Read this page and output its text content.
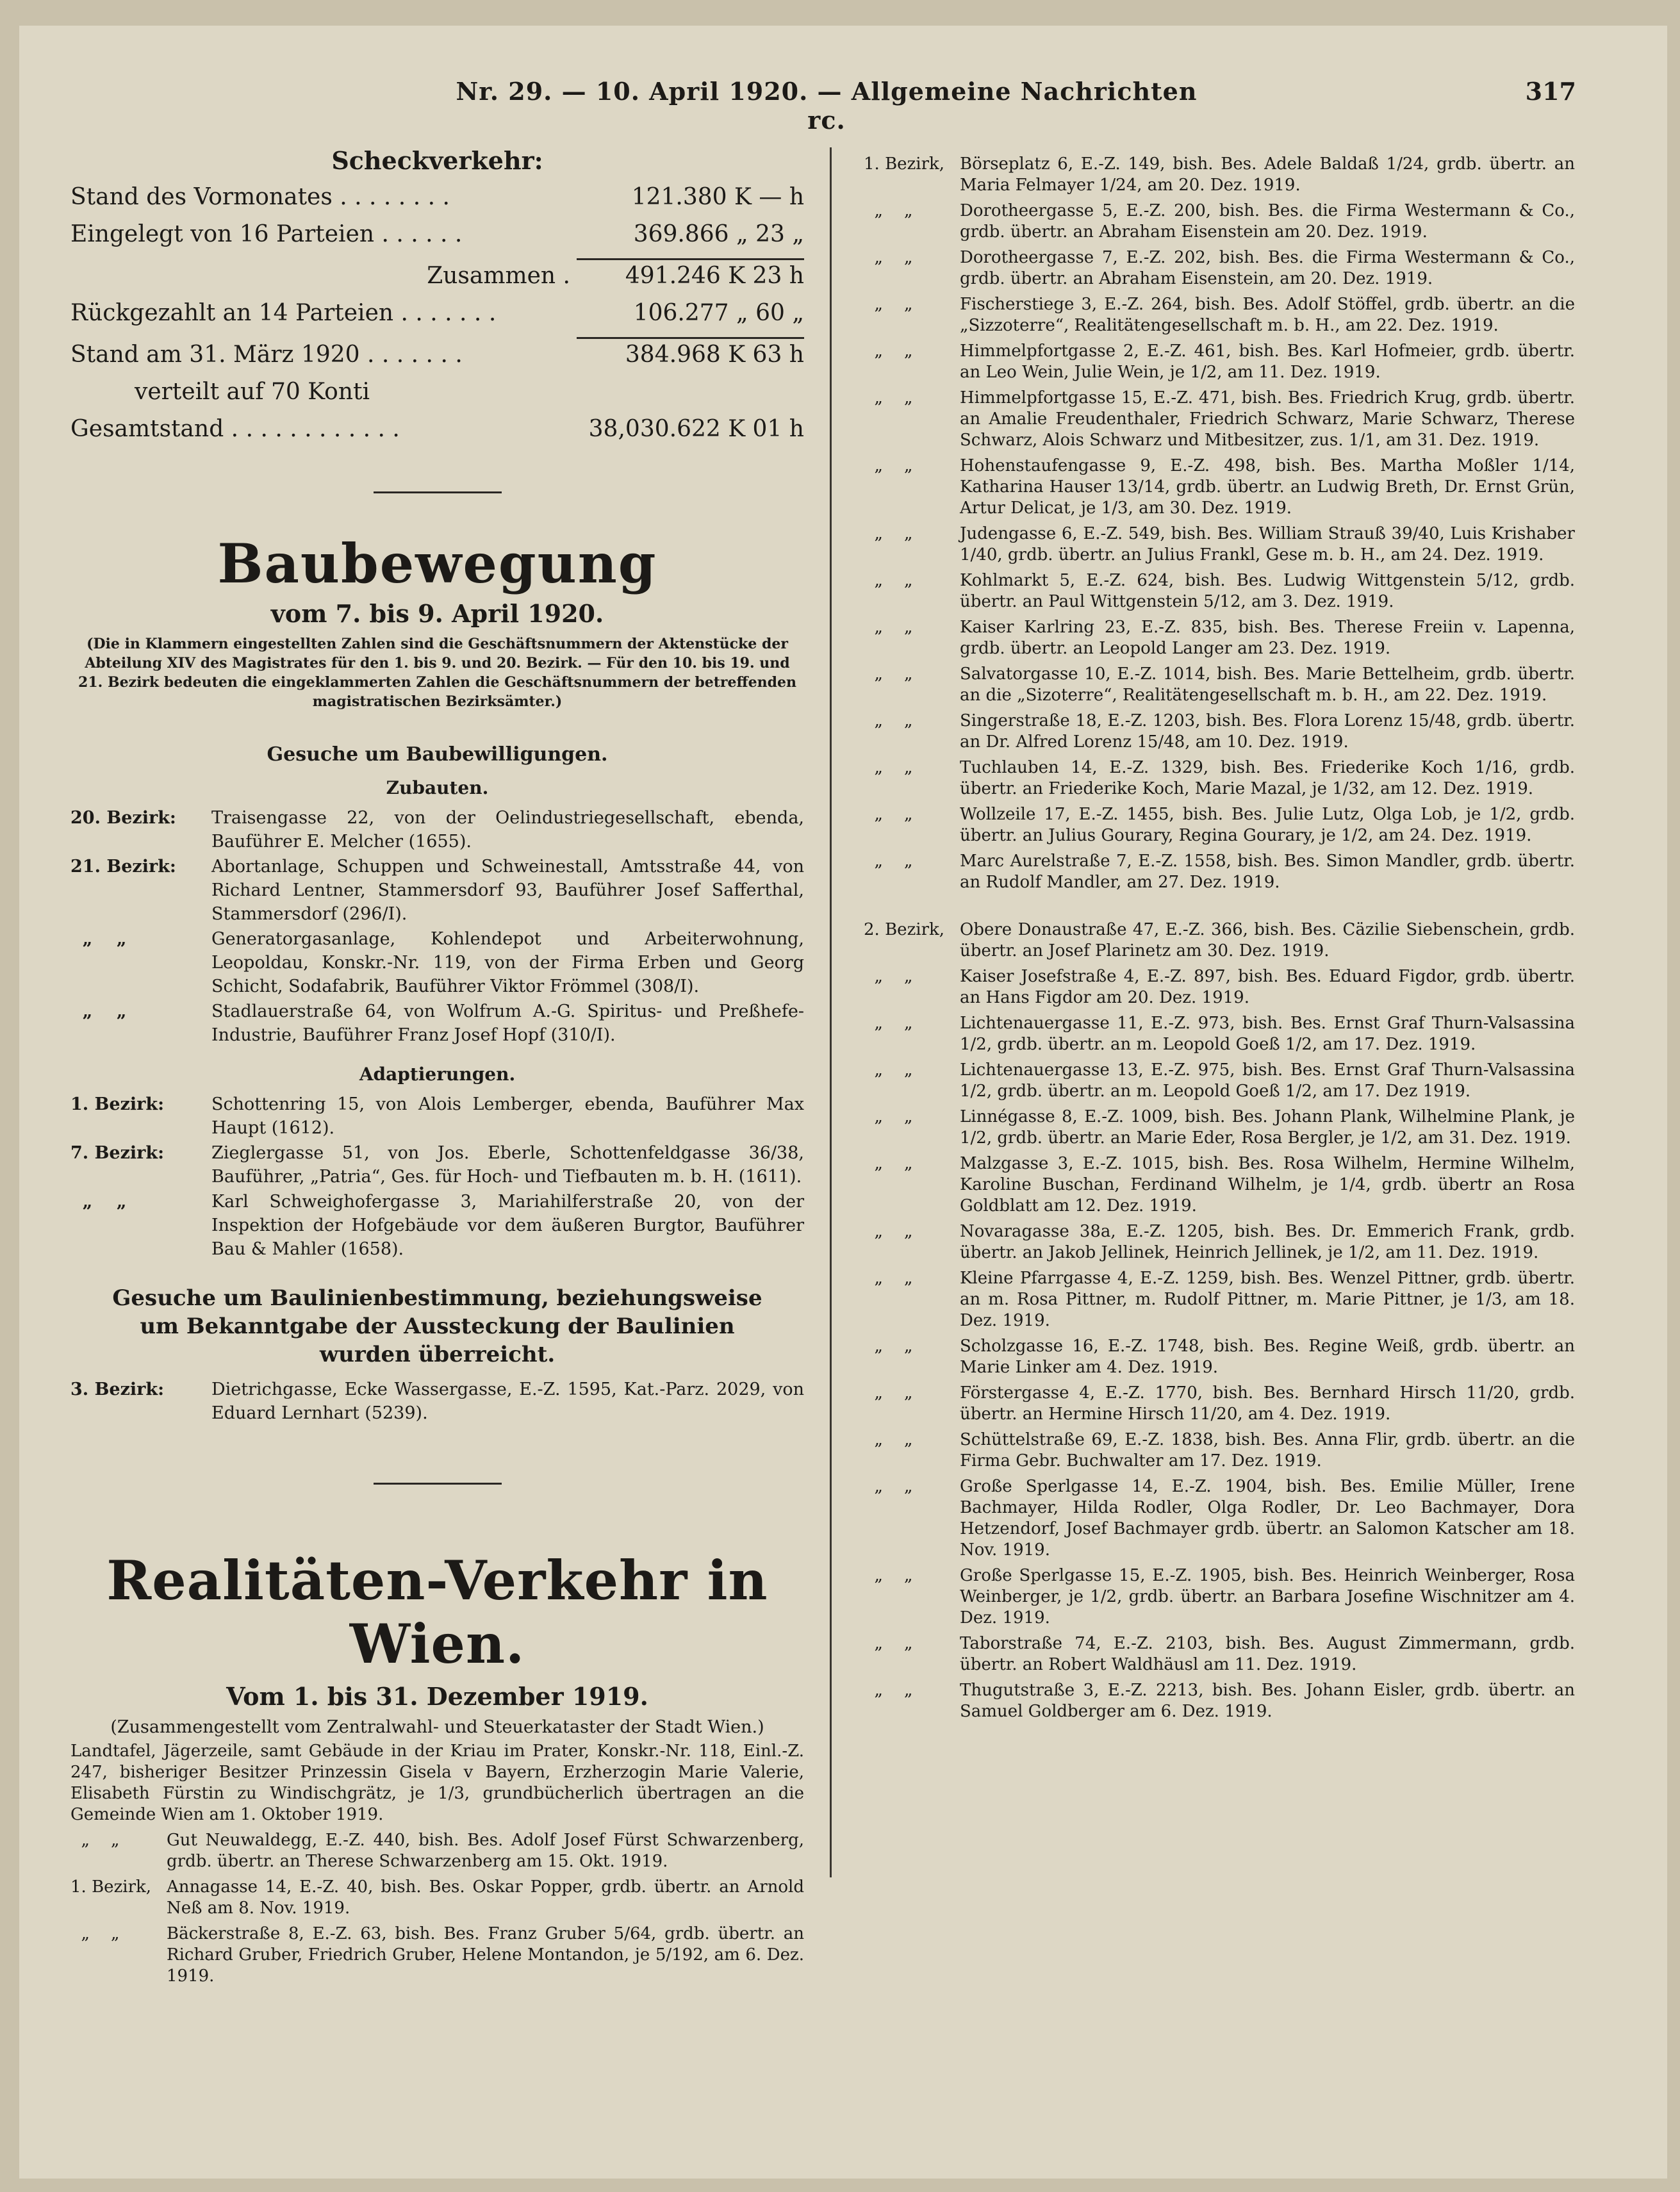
Nr. 29. — 10. April 1920. — Allgemeine Nachrichten rc.
317
Scheckverkehr:
Stand des Vormonates . . . . . . . .	121.380 K — h
Eingelegt von 16 Parteien . . . . . .	369.866 „ 23 „
Zusammen .	491.246 K 23 h
Rückgezahlt an 14 Parteien . . . . . . .	106.277 „ 60 „
Stand am 31. März 1920 . . . . . . .	384.968 K 63 h
verteilt auf 70 Konti
Gesamtstand . . . . . . . . . . . .	38,030.622 K 01 h
Baubewegung
vom 7. bis 9. April 1920.
(Die in Klammern eingestellten Zahlen sind die Geschäftsnummern der Aktenstücke der Abteilung XIV des Magistrates für den 1. bis 9. und 20. Bezirk. — Für den 10. bis 19. und 21. Bezirk bedeuten die eingeklammerten Zahlen die Geschäftsnummern der betreffenden magistratischen Bezirksämter.)
Gesuche um Baubewilligungen.
Zubauten.
20. Bezirk:	Traisengasse 22, von der Oelindustriegesellschaft, ebenda, Bauführer E. Melcher (1655).
21. Bezirk:	Abortanlage, Schuppen und Schweinestall, Amtsstraße 44, von Richard Lentner, Stammersdorf 93, Bauführer Josef Safferthal, Stammersdorf (296/I).
„    „	Generatorgasanlage, Kohlendepot und Arbeiterwohnung, Leopoldau, Konskr.-Nr. 119, von der Firma Erben und Georg Schicht, Sodafabrik, Bauführer Viktor Frömmel (308/I).
„    „	Stadlauerstraße 64, von Wolfrum A.-G. Spiritus- und Preßhefe-Industrie, Bauführer Franz Josef Hopf (310/I).
Adaptierungen.
1. Bezirk:	Schottenring 15, von Alois Lemberger, ebenda, Bauführer Max Haupt (1612).
7. Bezirk:	Zieglergasse 51, von Jos. Eberle, Schottenfeldgasse 36/38, Bauführer, „Patria“, Ges. für Hoch- und Tiefbauten m. b. H. (1611).
„    „	Karl Schweighofergasse 3, Mariahilferstraße 20, von der Inspektion der Hofgebäude vor dem äußeren Burgtor, Bauführer Bau & Mahler (1658).
Gesuche um Baulinienbestimmung, beziehungsweise um Bekanntgabe der Aussteckung der Baulinien wurden überreicht.
3. Bezirk:	Dietrichgasse, Ecke Wassergasse, E.-Z. 1595, Kat.-Parz. 2029, von Eduard Lernhart (5239).
Realitäten-Verkehr in Wien.
Vom 1. bis 31. Dezember 1919.
(Zusammengestellt vom Zentralwahl- und Steuerkataster der Stadt Wien.)
Landtafel, Jägerzeile, samt Gebäude in der Kriau im Prater, Konskr.-Nr. 118, Einl.-Z. 247, bisheriger Besitzer Prinzessin Gisela v Bayern, Erzherzogin Marie Valerie, Elisabeth Fürstin zu Windischgrätz, je 1/3, grundbücherlich übertragen an die Gemeinde Wien am 1. Oktober 1919.
„    „	Gut Neuwaldegg, E.-Z. 440, bish. Bes. Adolf Josef Fürst Schwarzenberg, grdb. übertr. an Therese Schwarzenberg am 15. Okt. 1919.
1. Bezirk, Annagasse 14, E.-Z. 40, bish. Bes. Oskar Popper, grdb. übertr. an Arnold Neß am 8. Nov. 1919.
„    „	Bäckerstraße 8, E.-Z. 63, bish. Bes. Franz Gruber 5/64, grdb. übertr. an Richard Gruber, Friedrich Gruber, Helene Montandon, je 5/192, am 6. Dez. 1919.
1. Bezirk, Börseplatz 6, E.-Z. 149, bish. Bes. Adele Baldaß 1/24, grdb. übertr. an Maria Felmayer 1/24, am 20. Dez. 1919.
„    „	Dorotheergasse 5, E.-Z. 200, bish. Bes. die Firma Westermann & Co., grdb. übertr. an Abraham Eisenstein am 20. Dez. 1919.
„    „	Dorotheergasse 7, E.-Z. 202, bish. Bes. die Firma Westermann & Co., grdb. übertr. an Abraham Eisenstein, am 20. Dez. 1919.
„    „	Fischerstiege 3, E.-Z. 264, bish. Bes. Adolf Stöffel, grdb. übertr. an die „Sizzoterre“, Realitätengesellschaft m. b. H., am 22. Dez. 1919.
„    „	Himmelpfortgasse 2, E.-Z. 461, bish. Bes. Karl Hofmeier, grdb. übertr. an Leo Wein, Julie Wein, je 1/2, am 11. Dez. 1919.
„    „	Himmelpfortgasse 15, E.-Z. 471, bish. Bes. Friedrich Krug, grdb. übertr. an Amalie Freudenthaler, Friedrich Schwarz, Marie Schwarz, Therese Schwarz, Alois Schwarz und Mitbesitzer, zus. 1/1, am 31. Dez. 1919.
„    „	Hohenstaufengasse 9, E.-Z. 498, bish. Bes. Martha Moßler 1/14, Katharina Hauser 13/14, grdb. übertr. an Ludwig Breth, Dr. Ernst Grün, Artur Delicat, je 1/3, am 30. Dez. 1919.
„    „	Judengasse 6, E.-Z. 549, bish. Bes. William Strauß 39/40, Luis Krishaber 1/40, grdb. übertr. an Julius Frankl, Gese m. b. H., am 24. Dez. 1919.
„    „	Kohlmarkt 5, E.-Z. 624, bish. Bes. Ludwig Wittgenstein 5/12, grdb. übertr. an Paul Wittgenstein 5/12, am 3. Dez. 1919.
„    „	Kaiser Karlring 23, E.-Z. 835, bish. Bes. Therese Freiin v. Lapenna, grdb. übertr. an Leopold Langer am 23. Dez. 1919.
„    „	Salvatorgasse 10, E.-Z. 1014, bish. Bes. Marie Bettelheim, grdb. übertr. an die „Sizoterre“, Realitätengesellschaft m. b. H., am 22. Dez. 1919.
„    „	Singerstraße 18, E.-Z. 1203, bish. Bes. Flora Lorenz 15/48, grdb. übertr. an Dr. Alfred Lorenz 15/48, am 10. Dez. 1919.
„    „	Tuchlauben 14, E.-Z. 1329, bish. Bes. Friederike Koch 1/16, grdb. übertr. an Friederike Koch, Marie Mazal, je 1/32, am 12. Dez. 1919.
„    „	Wollzeile 17, E.-Z. 1455, bish. Bes. Julie Lutz, Olga Lob, je 1/2, grdb. übertr. an Julius Gourary, Regina Gourary, je 1/2, am 24. Dez. 1919.
„    „	Marc Aurelstraße 7, E.-Z. 1558, bish. Bes. Simon Mandler, grdb. übertr. an Rudolf Mandler, am 27. Dez. 1919.
2. Bezirk, Obere Donaustraße 47, E.-Z. 366, bish. Bes. Cäzilie Siebenschein, grdb. übertr. an Josef Plarinetz am 30. Dez. 1919.
„    „	Kaiser Josefstraße 4, E.-Z. 897, bish. Bes. Eduard Figdor, grdb. übertr. an Hans Figdor am 20. Dez. 1919.
„    „	Lichtenauergasse 11, E.-Z. 973, bish. Bes. Ernst Graf Thurn-Valsassina 1/2, grdb. übertr. an m. Leopold Goeß 1/2, am 17. Dez. 1919.
„    „	Lichtenauergasse 13, E.-Z. 975, bish. Bes. Ernst Graf Thurn-Valsassina 1/2, grdb. übertr. an m. Leopold Goeß 1/2, am 17. Dez 1919.
„    „	Linnégasse 8, E.-Z. 1009, bish. Bes. Johann Plank, Wilhelmine Plank, je 1/2, grdb. übertr. an Marie Eder, Rosa Bergler, je 1/2, am 31. Dez. 1919.
„    „	Malzgasse 3, E.-Z. 1015, bish. Bes. Rosa Wilhelm, Hermine Wilhelm, Karoline Buschan, Ferdinand Wilhelm, je 1/4, grdb. übertr an Rosa Goldblatt am 12. Dez. 1919.
„    „	Novaragasse 38a, E.-Z. 1205, bish. Bes. Dr. Emmerich Frank, grdb. übertr. an Jakob Jellinek, Heinrich Jellinek, je 1/2, am 11. Dez. 1919.
„    „	Kleine Pfarrgasse 4, E.-Z. 1259, bish. Bes. Wenzel Pittner, grdb. übertr. an m. Rosa Pittner, m. Rudolf Pittner, m. Marie Pittner, je 1/3, am 18. Dez. 1919.
„    „	Scholzgasse 16, E.-Z. 1748, bish. Bes. Regine Weiß, grdb. übertr. an Marie Linker am 4. Dez. 1919.
„    „	Förstergasse 4, E.-Z. 1770, bish. Bes. Bernhard Hirsch 11/20, grdb. übertr. an Hermine Hirsch 11/20, am 4. Dez. 1919.
„    „	Schüttelstraße 69, E.-Z. 1838, bish. Bes. Anna Flir, grdb. übertr. an die Firma Gebr. Buchwalter am 17. Dez. 1919.
„    „	Große Sperlgasse 14, E.-Z. 1904, bish. Bes. Emilie Müller, Irene Bachmayer, Hilda Rodler, Olga Rodler, Dr. Leo Bachmayer, Dora Hetzendorf, Josef Bachmayer grdb. übertr. an Salomon Katscher am 18. Nov. 1919.
„    „	Große Sperlgasse 15, E.-Z. 1905, bish. Bes. Heinrich Weinberger, Rosa Weinberger, je 1/2, grdb. übertr. an Barbara Josefine Wischnitzer am 4. Dez. 1919.
„    „	Taborstraße 74, E.-Z. 2103, bish. Bes. August Zimmermann, grdb. übertr. an Robert Waldhäusl am 11. Dez. 1919.
„    „	Thugutstraße 3, E.-Z. 2213, bish. Bes. Johann Eisler, grdb. übertr. an Samuel Goldberger am 6. Dez. 1919.
